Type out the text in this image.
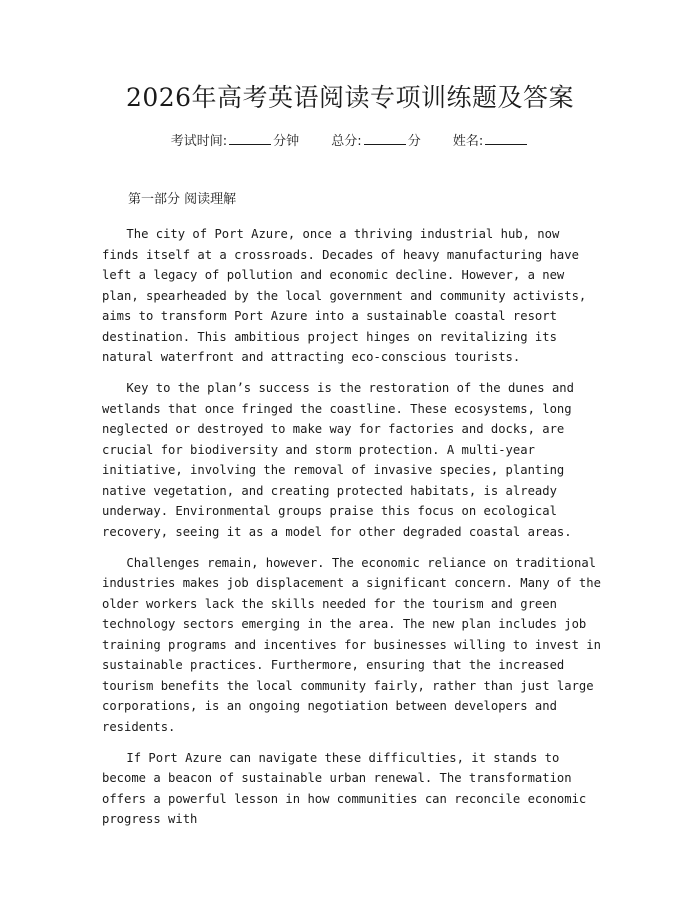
2026年高考英语阅读专项训练题及答案
考试时间:	分钟 总分:	分 姓名:
第一部分 阅读理解

The city of Port Azure, once a thriving industrial hub, now finds itself at a crossroads. Decades of heavy manufacturing have left a legacy of pollution and economic decline. However, a new plan, spearheaded by the local government and community activists, aims to transform Port Azure into a sustainable coastal resort destination. This ambitious project hinges on revitalizing its natural waterfront and attracting eco-conscious tourists.

Key to the plan’s success is the restoration of the dunes and wetlands that once fringed the coastline. These ecosystems, long neglected or destroyed to make way for factories and docks, are crucial for biodiversity and storm protection. A multi-year initiative, involving the removal of invasive species, planting native vegetation, and creating protected habitats, is already underway. Environmental groups praise this focus on ecological recovery, seeing it as a model for other degraded coastal areas.

Challenges remain, however. The economic reliance on traditional industries makes job displacement a significant concern. Many of the older workers lack the skills needed for the tourism and green technology sectors emerging in the area. The new plan includes job training programs and incentives for businesses willing to invest in sustainable practices. Furthermore, ensuring that the increased tourism benefits the local community fairly, rather than just large corporations, is an ongoing negotiation between developers and residents.

If Port Azure can navigate these difficulties, it stands to become a beacon of sustainable urban renewal. The transformation offers a powerful lesson in how communities can reconcile economic progress with
